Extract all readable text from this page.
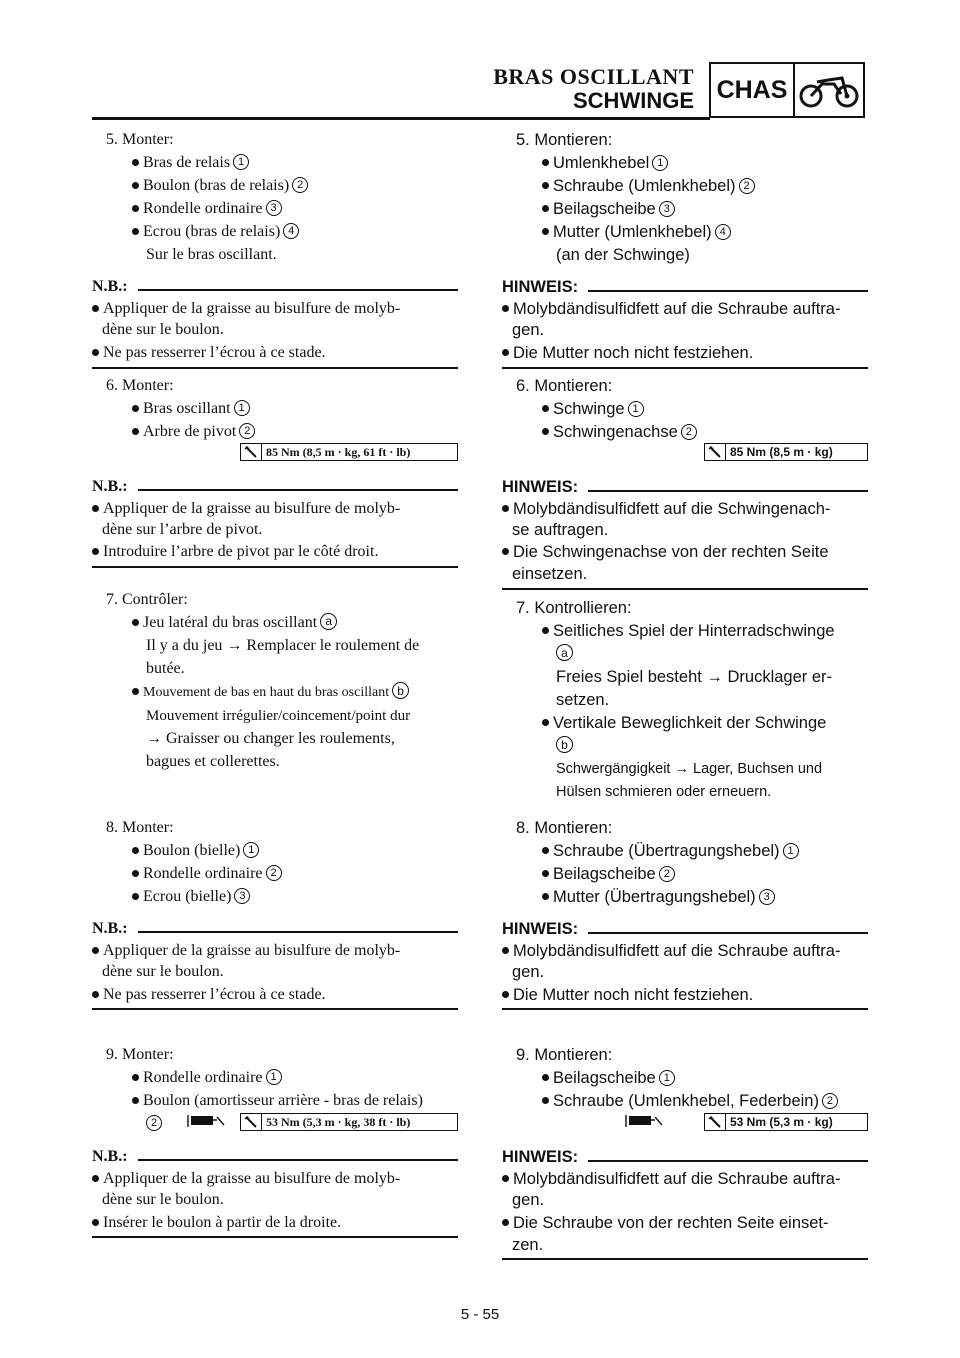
BRAS OSCILLANT
SCHWINGE CHAS
5. Monter:
Bras de relais 1
Boulon (bras de relais) 2
Rondelle ordinaire 3
Ecrou (bras de relais) 4
Sur le bras oscillant.
N.B.:
Appliquer de la graisse au bisulfure de molyb-
dène sur le boulon.
Ne pas resserrer l’écrou à ce stade.
6. Monter:
Bras oscillant 1
Arbre de pivot 2
85 Nm (8,5 m · kg, 61 ft · lb)
N.B.:
Appliquer de la graisse au bisulfure de molyb-
dène sur l’arbre de pivot.
Introduire l’arbre de pivot par le côté droit.
7. Contrôler:
Jeu latéral du bras oscillant a
Il y a du jeu → Remplacer le roulement de
butée.
Mouvement de bas en haut du bras oscillant b
Mouvement irrégulier/coincement/point dur
→ Graisser ou changer les roulements,
bagues et collerettes.
8. Monter:
Boulon (bielle) 1
Rondelle ordinaire 2
Ecrou (bielle) 3
N.B.:
Appliquer de la graisse au bisulfure de molyb-
dène sur le boulon.
Ne pas resserrer l’écrou à ce stade.
9. Monter:
Rondelle ordinaire 1
Boulon (amortisseur arrière - bras de relais)
2	53 Nm (5,3 m · kg, 38 ft · lb)
N.B.:
Appliquer de la graisse au bisulfure de molyb-
dène sur le boulon.
Insérer le boulon à partir de la droite.
5. Montieren:
Umlenkhebel 1
Schraube (Umlenkhebel) 2
Beilagscheibe 3
Mutter (Umlenkhebel) 4
(an der Schwinge)
HINWEIS:
Molybdändisulfidfett auf die Schraube auftra-
gen.
Die Mutter noch nicht festziehen.
6. Montieren:
Schwinge 1
Schwingenachse 2
85 Nm (8,5 m · kg)
HINWEIS:
Molybdändisulfidfett auf die Schwingenach-
se auftragen.
Die Schwingenachse von der rechten Seite
einsetzen.
7. Kontrollieren:
Seitliches Spiel der Hinterradschwinge
a
Freies Spiel besteht → Drucklager er-
setzen.
Vertikale Beweglichkeit der Schwinge
b
Schwergängigkeit → Lager, Buchsen und
Hülsen schmieren oder erneuern.
8. Montieren:
Schraube (Übertragungshebel) 1
Beilagscheibe 2
Mutter (Übertragungshebel) 3
HINWEIS:
Molybdändisulfidfett auf die Schraube auftra-
gen.
Die Mutter noch nicht festziehen.
9. Montieren:
Beilagscheibe 1
Schraube (Umlenkhebel, Federbein) 2
53 Nm (5,3 m · kg)
HINWEIS:
Molybdändisulfidfett auf die Schraube auftra-
gen.
Die Schraube von der rechten Seite einset-
zen.
5 - 55
